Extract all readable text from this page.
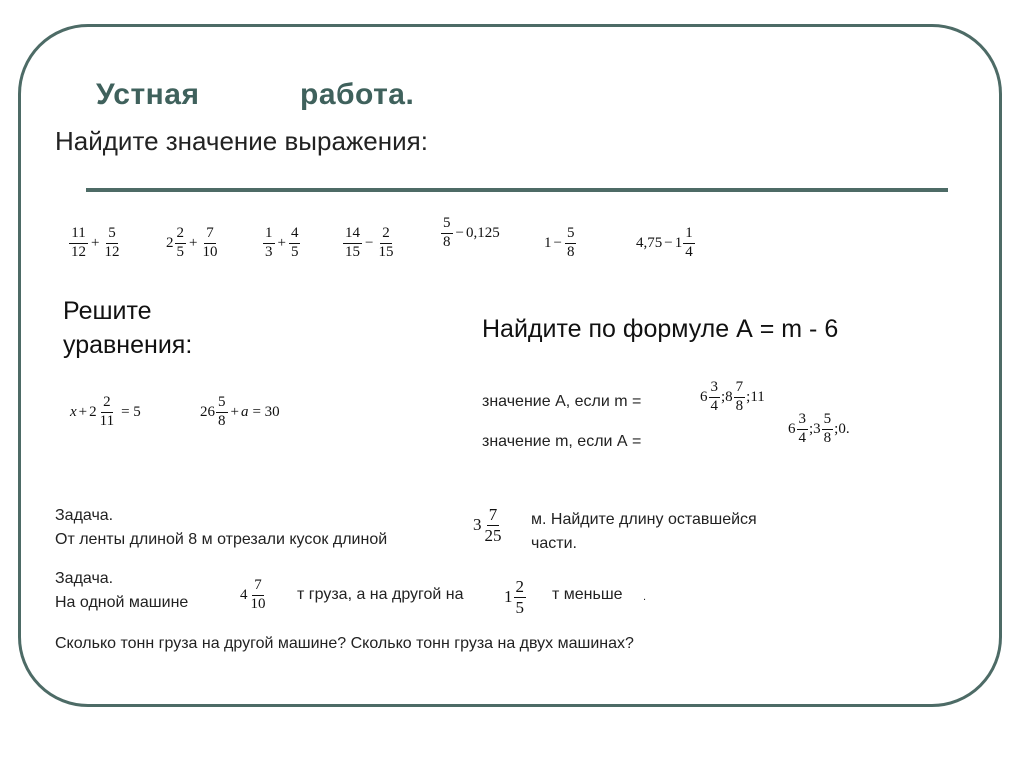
Устная	работа.
Найдите значение выражения:
$\frac{11}{12} + \frac{5}{12}$	$2 \frac{2}{5} + \frac{7}{10}$	$\frac{1}{3} + \frac{4}{5}$	$\frac{14}{15} - \frac{2}{15}$	$\frac{5}{8} - 0,125$
$1 - \frac{5}{8}$	$4,75 - 1 \frac{1}{4}$
Решите уравнения:
$x + 2 \frac{2}{11} = 5$	$26 \frac{5}{8} + a = 30$
Найдите по формуле А = m - 6
значение А, если m =	$6 \frac{3}{4}$ ; $8 \frac{7}{8}$ ; 11
значение m, если А =
$6 \frac{3}{4}$ ; $3 \frac{5}{8}$ ; 0.
Задача.
От ленты длиной 8 м отрезали кусок длиной
$3 \frac{7}{25} м$. Найдите длину оставшейся
части.
Задача.
На одной машине	$4 \frac{7}{10}$ т груза, а на другой на $1 \frac{2}{5}$ т меньше .
Сколько тонн груза на другой машине? Сколько тонн груза на двух машинах?
